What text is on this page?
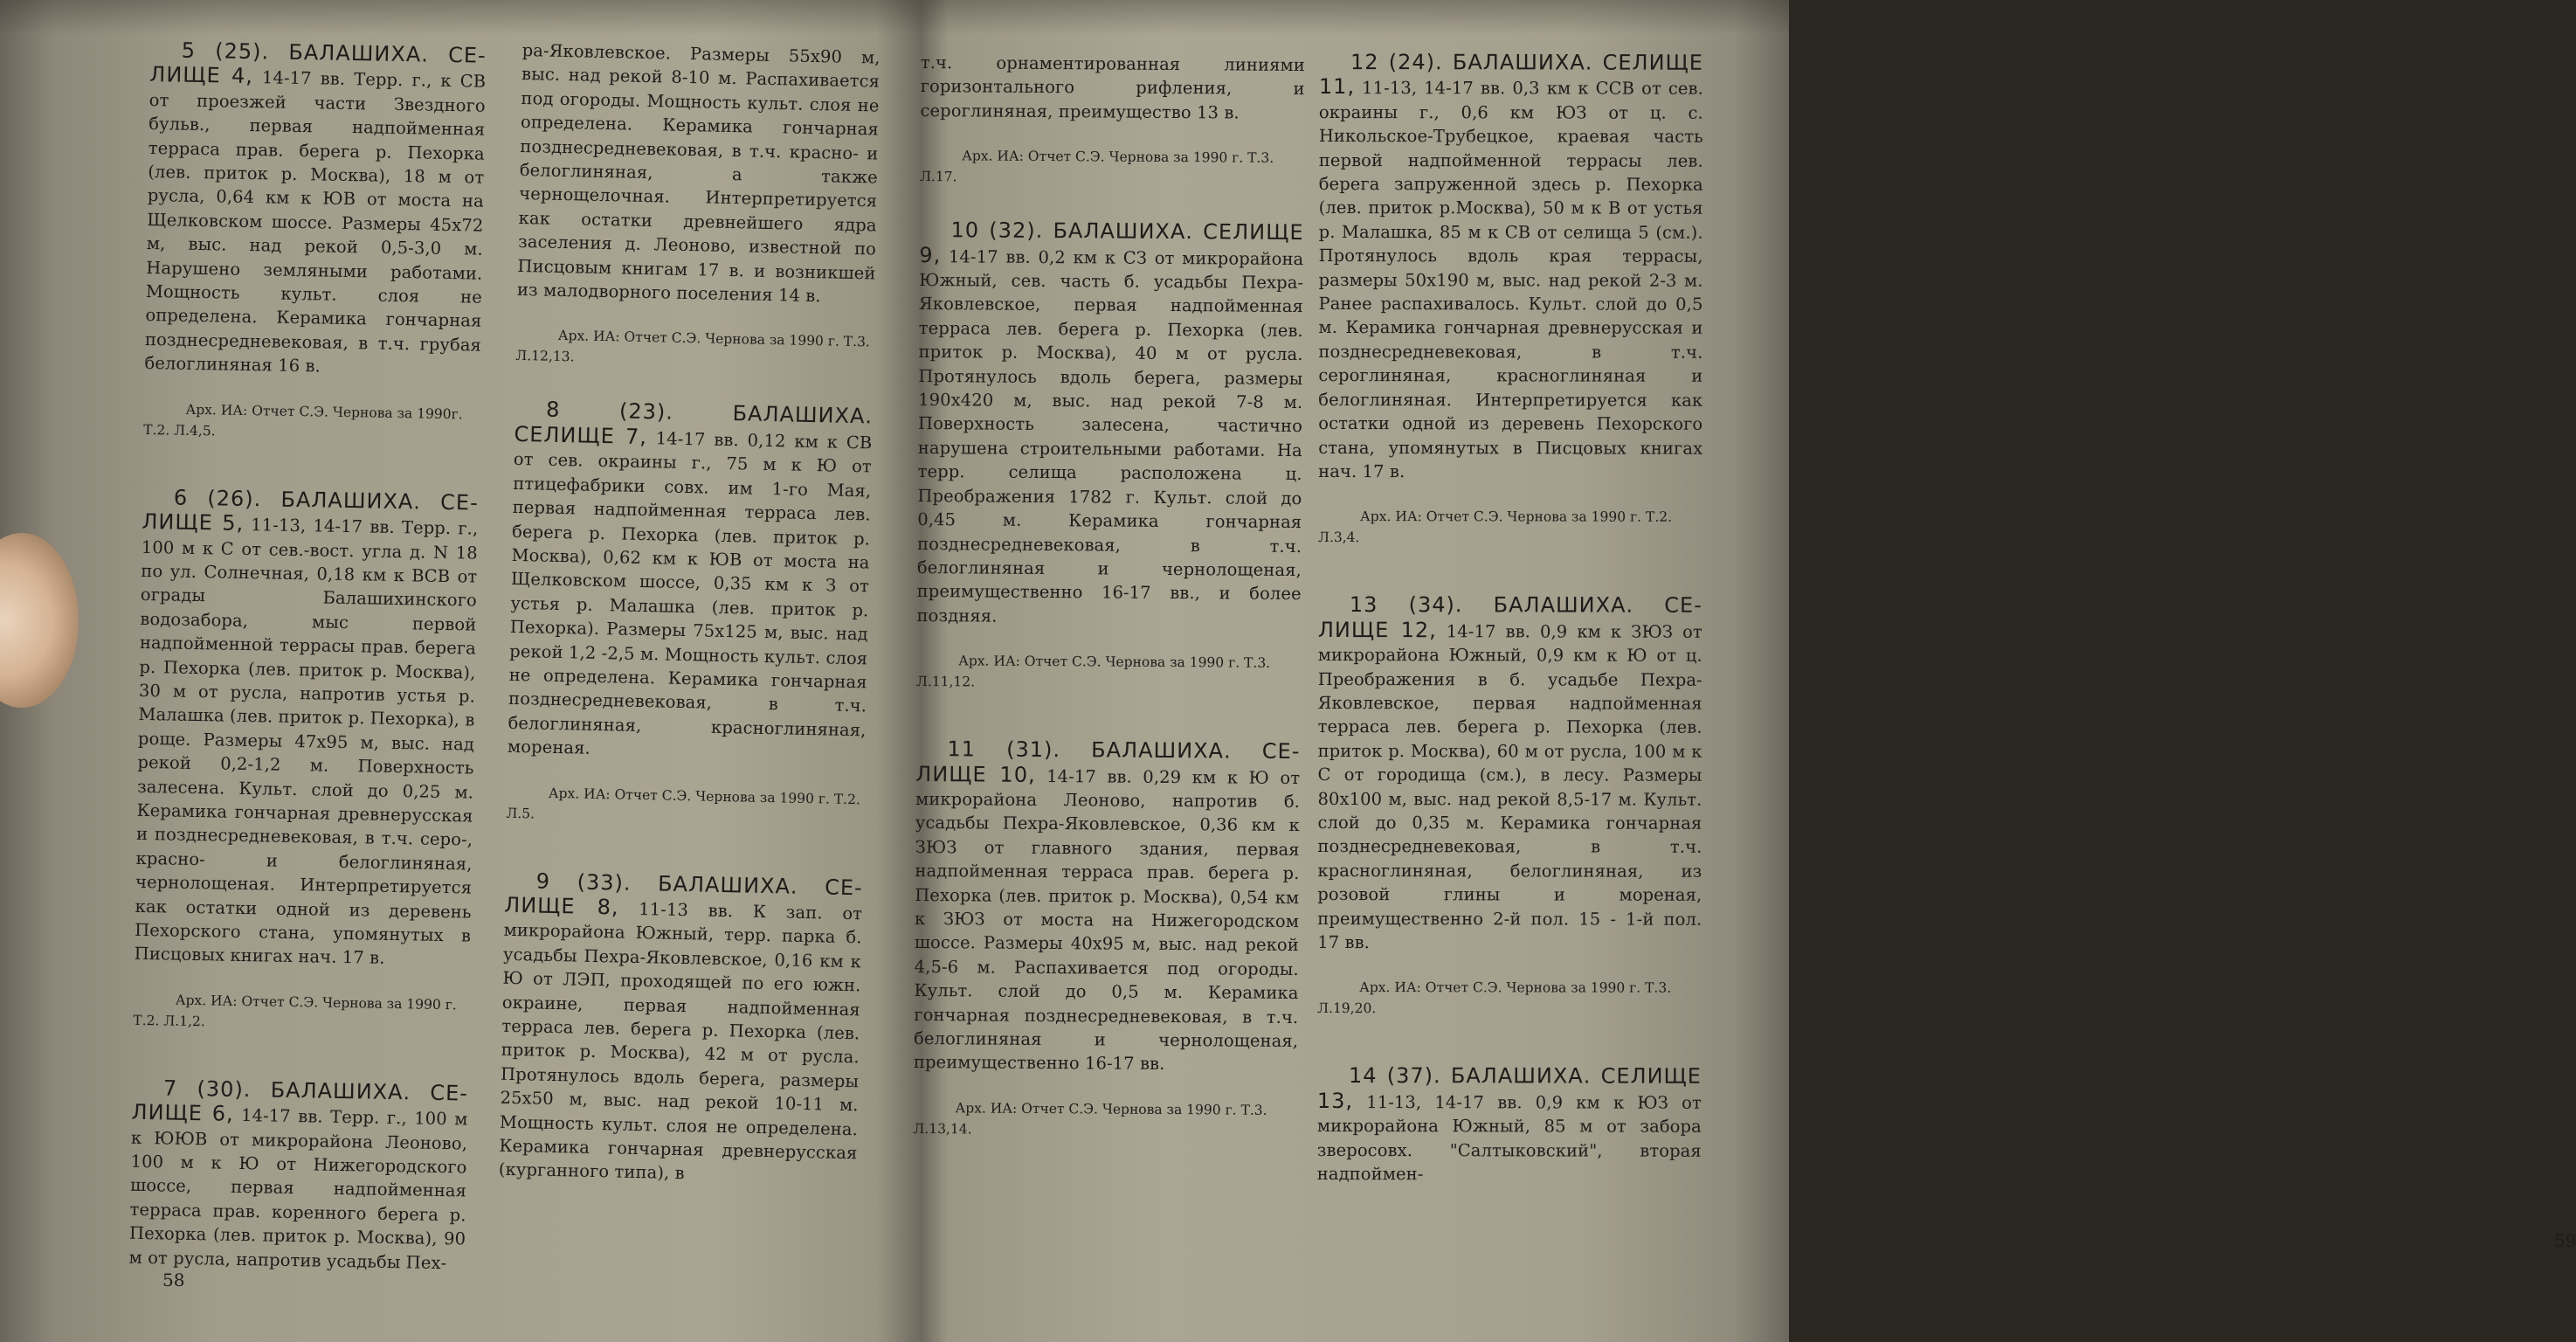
5 (25). БАЛАШИХА. СЕ-ЛИЩЕ 4, 14-17 вв. Терр. г., к СВ от проезжей части Звездного бульв., первая надпойменная терраса прав. берега р. Пехорка (лев. приток р. Москва), 18 м от русла, 0,64 км к ЮВ от моста на Щелковском шоссе. Размеры 45х72 м, выс. над рекой 0,5-3,0 м. Нарушено земляными работами. Мощность культ. слоя не определена. Керамика гончарная позднесредневековая, в т.ч. грубая белоглиняная 16 в.

Арх. ИА: Отчет С.Э. Чернова за 1990г. Т.2. Л.4,5.

6 (26). БАЛАШИХА. СЕ-ЛИЩЕ 5, 11-13, 14-17 вв. Терр. г., 100 м к С от сев.-вост. угла д. N 18 по ул. Солнечная, 0,18 км к ВСВ от ограды Балашихинского водозабора, мыс первой надпойменной террасы прав. берега р. Пехорка (лев. приток р. Москва), 30 м от русла, напротив устья р. Малашка (лев. приток р. Пехорка), в роще. Размеры 47х95 м, выс. над рекой 0,2-1,2 м. Поверхность залесена. Культ. слой до 0,25 м. Керамика гончарная древнерусская и позднесредневековая, в т.ч. серо-, красно- и белоглиняная, чернолощеная. Интерпретируется как остатки одной из деревень Пехорского стана, упомянутых в Писцовых книгах нач. 17 в.

Арх. ИА: Отчет С.Э. Чернова за 1990 г. Т.2. Л.1,2.

7 (30). БАЛАШИХА. СЕ-ЛИЩЕ 6, 14-17 вв. Терр. г., 100 м к ЮЮВ от микрорайона Леоново, 100 м к Ю от Нижегородского шоссе, первая надпойменная терраса прав. коренного берега р. Пехорка (лев. приток р. Москва), 90 м от русла, напротив усадьбы Пех-

ра-Яковлевское. Размеры 55х90 м, выс. над рекой 8-10 м. Распахивается под огороды. Мощность культ. слоя не определена. Керамика гончарная позднесредневековая, в т.ч. красно- и белоглиняная, а также чернощелочная. Интерпретируется как остатки древнейшего ядра заселения д. Леоново, известной по Писцовым книгам 17 в. и возникшей из малодворного поселения 14 в.

Арх. ИА: Отчет С.Э. Чернова за 1990 г. Т.3. Л.12,13.

8 (23). БАЛАШИХА. СЕЛИЩЕ 7, 14-17 вв. 0,12 км к СВ от сев. окраины г., 75 м к Ю от птицефабрики совх. им 1-го Мая, первая надпойменная терраса лев. берега р. Пехорка (лев. приток р. Москва), 0,62 км к ЮВ от моста на Щелковском шоссе, 0,35 км к З от устья р. Малашка (лев. приток р. Пехорка). Размеры 75х125 м, выс. над рекой 1,2 -2,5 м. Мощность культ. слоя не определена. Керамика гончарная позднесредневековая, в т.ч. белоглиняная, красноглиняная, мореная.

Арх. ИА: Отчет С.Э. Чернова за 1990 г. Т.2. Л.5.

9 (33). БАЛАШИХА. СЕ-ЛИЩЕ 8, 11-13 вв. К зап. от микрорайона Южный, терр. парка б. усадьбы Пехра-Яковлевское, 0,16 км к Ю от ЛЭП, проходящей по его южн. окраине, первая надпойменная терраса лев. берега р. Пехорка (лев. приток р. Москва), 42 м от русла. Протянулось вдоль берега, размеры 25х50 м, выс. над рекой 10-11 м. Мощность культ. слоя не определена. Керамика гончарная древнерусская (курганного типа), в

58

т.ч. орнаментированная линиями горизонтального рифления, и сероглиняная, преимущество 13 в.

Арх. ИА: Отчет С.Э. Чернова за 1990 г. Т.3. Л.17.

10 (32). БАЛАШИХА. СЕЛИЩЕ 9, 14-17 вв. 0,2 км к СЗ от микрорайона Южный, сев. часть б. усадьбы Пехра-Яковлевское, первая надпойменная терраса лев. берега р. Пехорка (лев. приток р. Москва), 40 м от русла. Протянулось вдоль берега, размеры 190х420 м, выс. над рекой 7-8 м. Поверхность залесена, частично нарушена строительными работами. На терр. селища расположена ц. Преображения 1782 г. Культ. слой до 0,45 м. Керамика гончарная позднесредневековая, в т.ч. белоглиняная и чернолощеная, преимущественно 16-17 вв., и более поздняя.

Арх. ИА: Отчет С.Э. Чернова за 1990 г. Т.3. Л.11,12.

11 (31). БАЛАШИХА. СЕ-ЛИЩЕ 10, 14-17 вв. 0,29 км к Ю от микрорайона Леоново, напротив б. усадьбы Пехра-Яковлевское, 0,36 км к ЗЮЗ от главного здания, первая надпойменная терраса прав. берега р. Пехорка (лев. приток р. Москва), 0,54 км к ЗЮЗ от моста на Нижегородском шоссе. Размеры 40х95 м, выс. над рекой 4,5-6 м. Распахивается под огороды. Культ. слой до 0,5 м. Керамика гончарная позднесредневековая, в т.ч. белоглиняная и чернолощеная, преимущественно 16-17 вв.

Арх. ИА: Отчет С.Э. Чернова за 1990 г. Т.3. Л.13,14.

12 (24). БАЛАШИХА. СЕЛИЩЕ 11, 11-13, 14-17 вв. 0,3 км к ССВ от сев. окраины г., 0,6 км ЮЗ от ц. с. Никольское-Трубецкое, краевая часть первой надпойменной террасы лев. берега запруженной здесь р. Пехорка (лев. приток р.Москва), 50 м к В от устья р. Малашка, 85 м к СВ от селища 5 (см.). Протянулось вдоль края террасы, размеры 50х190 м, выс. над рекой 2-3 м. Ранее распахивалось. Культ. слой до 0,5 м. Керамика гончарная древнерусская и позднесредневековая, в т.ч. сероглиняная, красноглиняная и белоглиняная. Интерпретируется как остатки одной из деревень Пехорского стана, упомянутых в Писцовых книгах нач. 17 в.

Арх. ИА: Отчет С.Э. Чернова за 1990 г. Т.2. Л.3,4.

13 (34). БАЛАШИХА. СЕ-ЛИЩЕ 12, 14-17 вв. 0,9 км к ЗЮЗ от микрорайона Южный, 0,9 км к Ю от ц. Преображения в б. усадьбе Пехра-Яковлевское, первая надпойменная терраса лев. берега р. Пехорка (лев. приток р. Москва), 60 м от русла, 100 м к С от городища (см.), в лесу. Размеры 80х100 м, выс. над рекой 8,5-17 м. Культ. слой до 0,35 м. Керамика гончарная позднесредневековая, в т.ч. красноглиняная, белоглиняная, из розовой глины и мореная, преимущественно 2-й пол. 15 - 1-й пол. 17 вв.

Арх. ИА: Отчет С.Э. Чернова за 1990 г. Т.3. Л.19,20.

14 (37). БАЛАШИХА. СЕЛИЩЕ 13, 11-13, 14-17 вв. 0,9 км к ЮЗ от микрорайона Южный, 85 м от забора зверосовх. "Салтыковский", вторая надпоймен-

59
